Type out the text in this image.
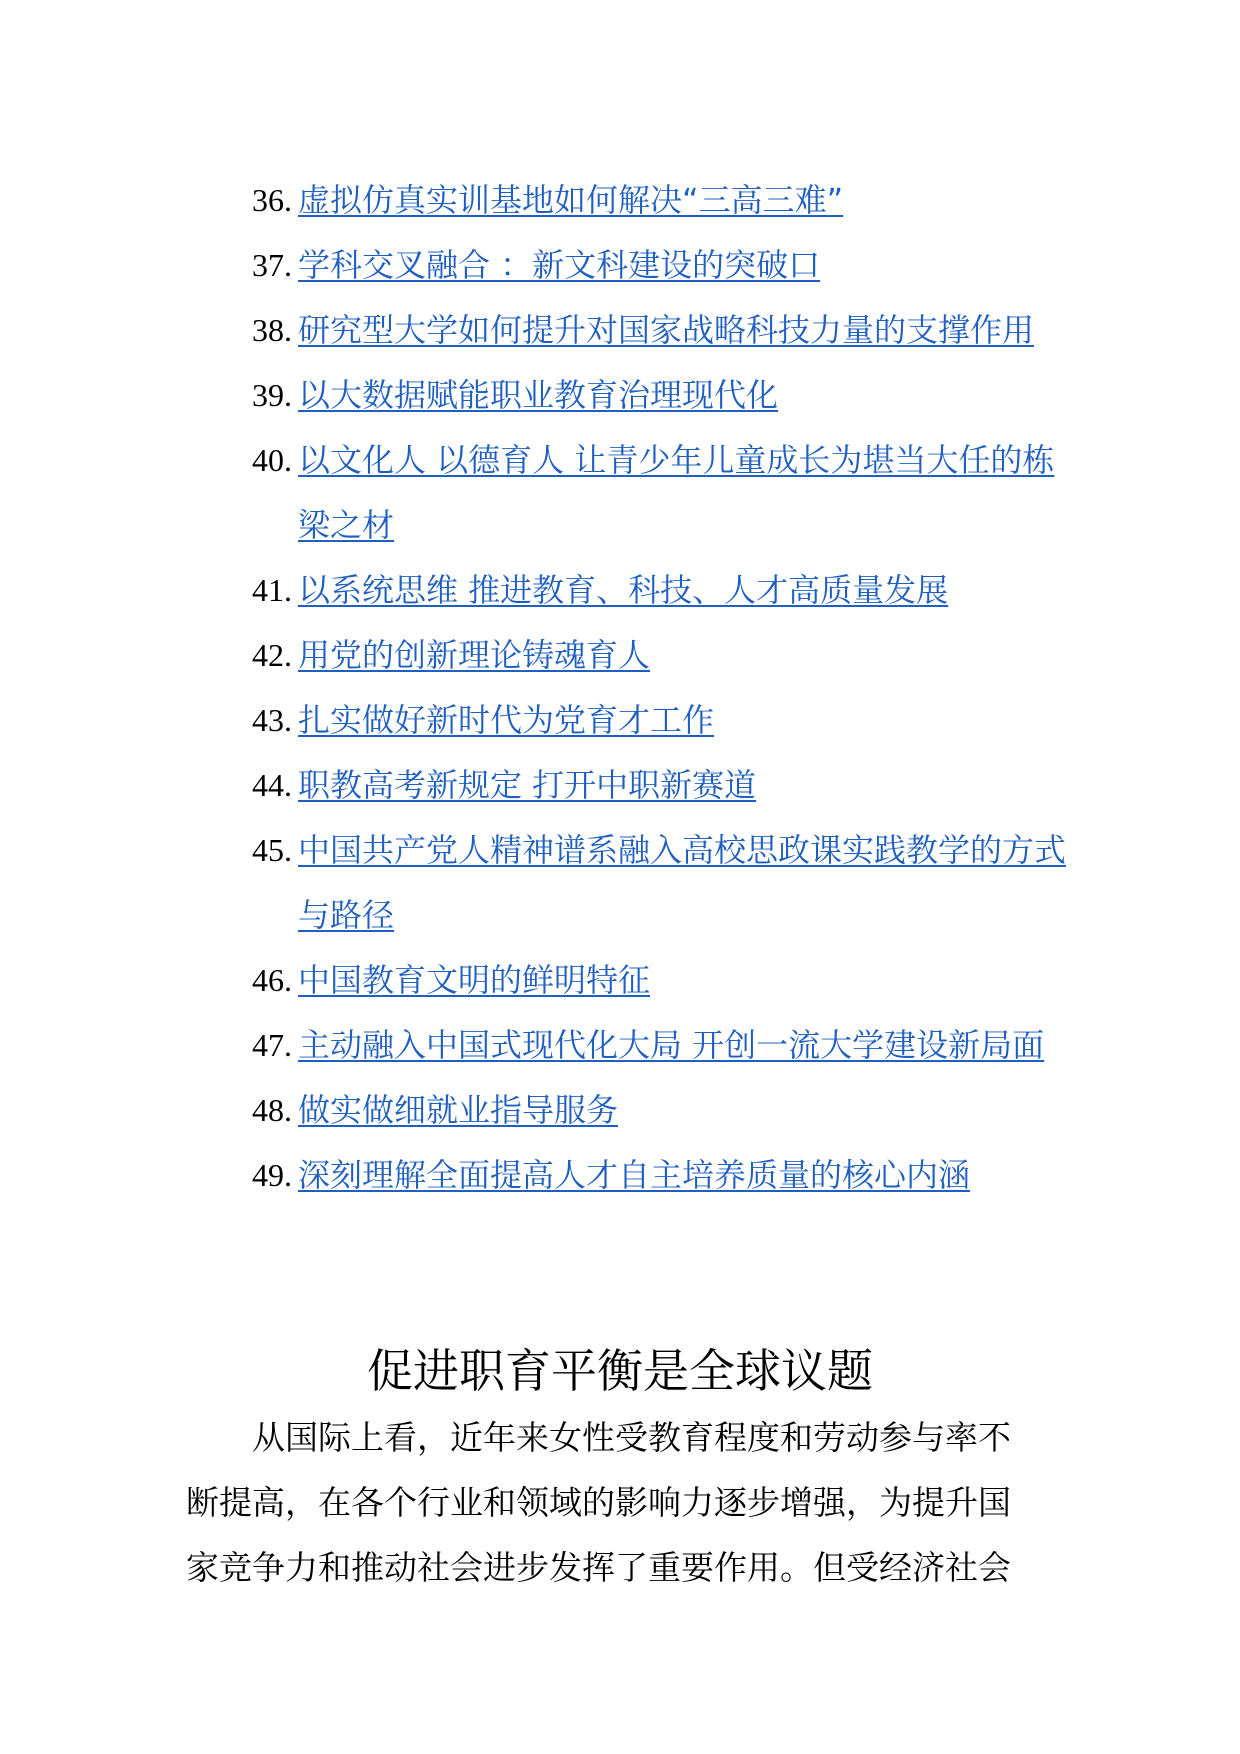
36. 虚拟仿真实训基地如何解决“三高三难”
37. 学科交叉融合 ：新文科建设的突破口
38. 研究型大学如何提升对国家战略科技力量的支撑作用
39. 以大数据赋能职业教育治理现代化
40. 以文化人 以德育人 让青少年儿童成长为堪当大任的栋梁之材
41. 以系统思维 推进教育、科技、人才高质量发展
42. 用党的创新理论铸魂育人
43. 扎实做好新时代为党育才工作
44. 职教高考新规定 打开中职新赛道
45. 中国共产党人精神谱系融入高校思政课实践教学的方式与路径
46. 中国教育文明的鲜明特征
47. 主动融入中国式现代化大局 开创一流大学建设新局面
48. 做实做细就业指导服务
49. 深刻理解全面提高人才自主培养质量的核心内涵
促进职育平衡是全球议题

从国际上看，近年来女性受教育程度和劳动参与率不断提高，在各个行业和领域的影响力逐步增强，为提升国家竞争力和推动社会进步发挥了重要作用。但受经济社会
